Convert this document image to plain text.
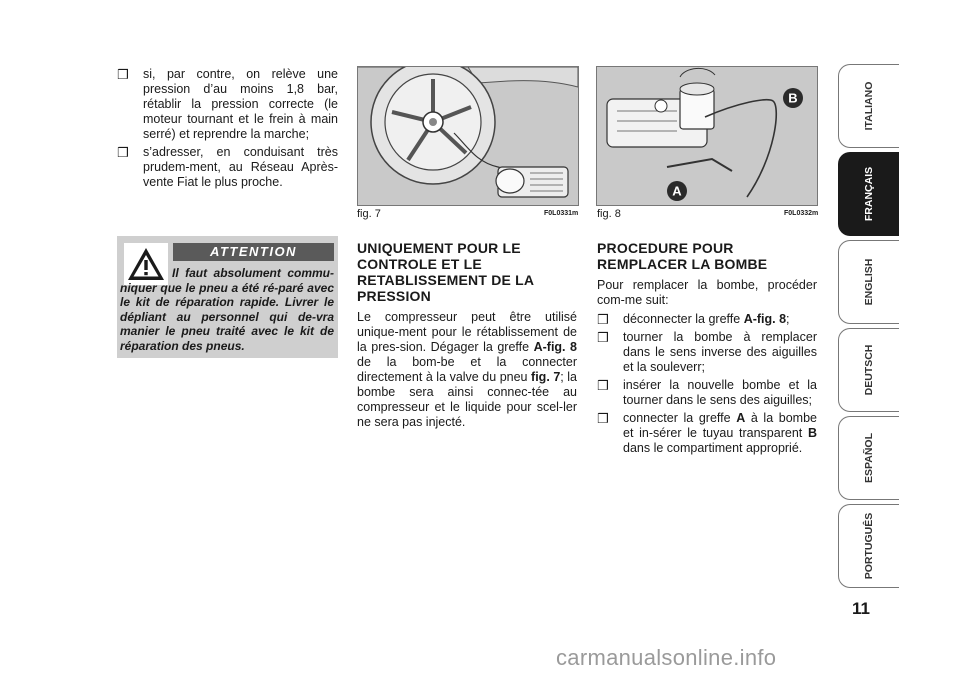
❒ si, par contre, on relève une pression d’au moins 1,8 bar, rétablir la pression correcte (le moteur tournant et le frein à main serré) et reprendre la marche;

❒ s’adresser, en conduisant très prudem-ment, au Réseau Après-vente Fiat le plus proche.

ATTENTION
Il faut absolument commu-niquer que le pneu a été ré-paré avec le kit de réparation rapide. Livrer le dépliant au personnel qui de-vra manier le pneu traité avec le kit de réparation des pneus.
fig. 7	F0L0331m
A
B
fig. 8	F0L0332m
UNIQUEMENT POUR LE CONTROLE ET LE RETABLISSEMENT DE LA PRESSION

Le compresseur peut être utilisé unique-ment pour le rétablissement de la pres-sion. Dégager la greffe A-fig. 8 de la bom-be et la connecter directement à la valve du pneu fig. 7; la bombe sera ainsi connec-tée au compresseur et le liquide pour scel-ler ne sera pas injecté.

PROCEDURE POUR REMPLACER LA BOMBE

Pour remplacer la bombe, procéder com-me suit:

❒ déconnecter la greffe A-fig. 8;

❒ tourner la bombe à remplacer dans le sens inverse des aiguilles et la souleverr;

❒ insérer la nouvelle bombe et la tourner dans le sens des aiguilles;

❒ connecter la greffe A à la bombe et in-sérer le tuyau transparent B dans le compartiment approprié.

ITALIANO
FRANÇAIS
ENGLISH
DEUTSCH
ESPAÑOL
PORTUGUÊS
11
carmanualsonline.info
